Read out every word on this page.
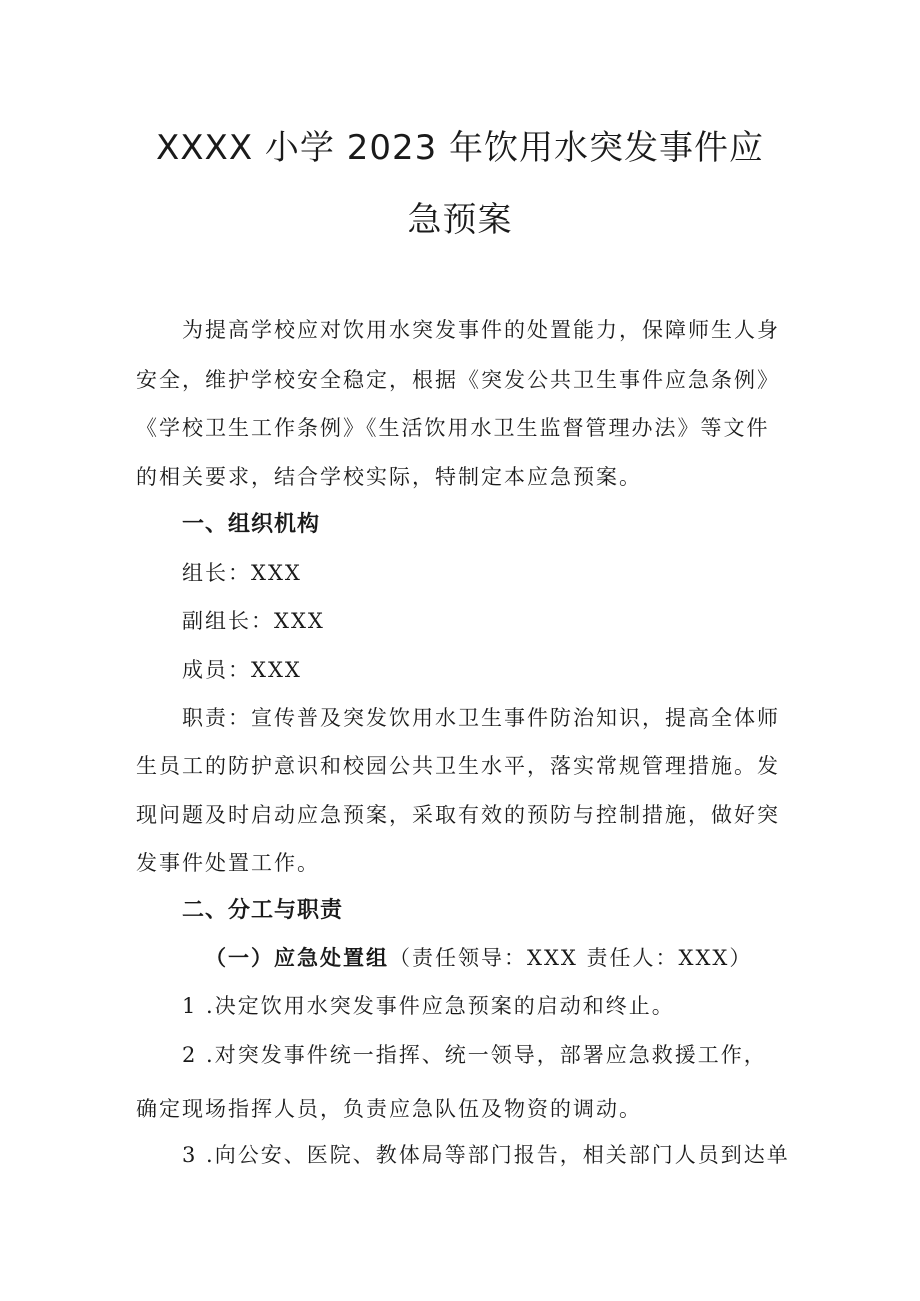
XXXX 小学 2023 年饮用水突发事件应
急预案
为提高学校应对饮用水突发事件的处置能力，保障师生人身
安全，维护学校安全稳定，根据《突发公共卫生事件应急条例》
《学校卫生工作条例》《生活饮用水卫生监督管理办法》等文件
的相关要求，结合学校实际，特制定本应急预案。
一、组织机构
组长：XXX
副组长：XXX
成员：XXX
职责：宣传普及突发饮用水卫生事件防治知识，提高全体师
生员工的防护意识和校园公共卫生水平，落实常规管理措施。发
现问题及时启动应急预案，采取有效的预防与控制措施，做好突
发事件处置工作。
二、分工与职责
（一）应急处置组（责任领导：XXX 责任人：XXX）
1 .决定饮用水突发事件应急预案的启动和终止。
2 .对突发事件统一指挥、统一领导，部署应急救援工作，
确定现场指挥人员，负责应急队伍及物资的调动。
3 .向公安、医院、教体局等部门报告，相关部门人员到达单
